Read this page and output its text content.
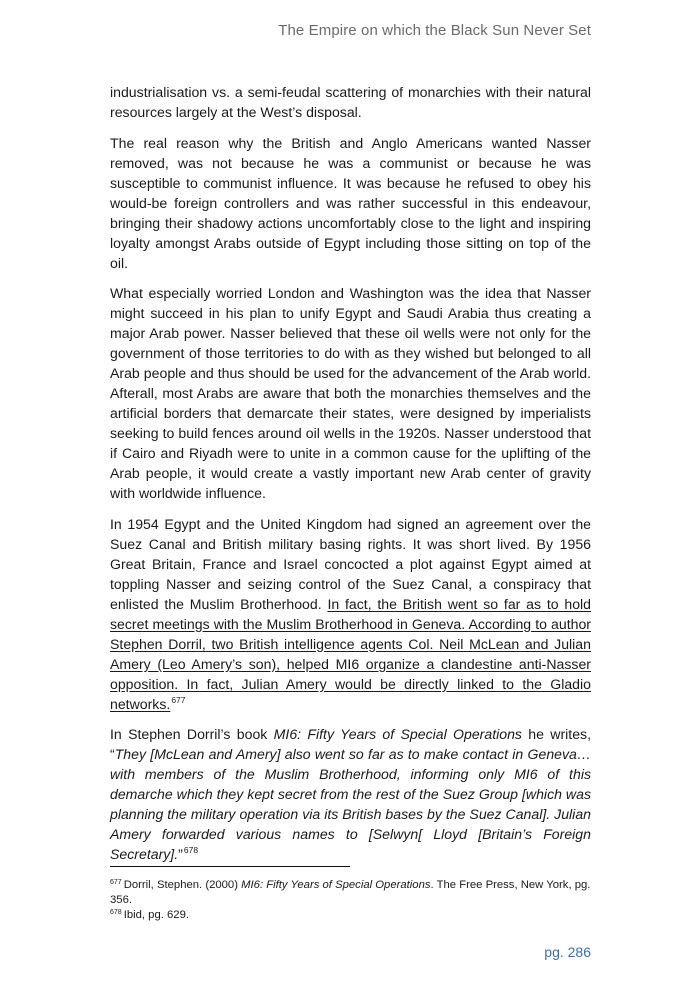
The Empire on which the Black Sun Never Set

industrialisation vs. a semi-feudal scattering of monarchies with their natural resources largely at the West’s disposal.

The real reason why the British and Anglo Americans wanted Nasser removed, was not because he was a communist or because he was susceptible to communist influence. It was because he refused to obey his would-be foreign controllers and was rather successful in this endeavour, bringing their shadowy actions uncomfortably close to the light and inspiring loyalty amongst Arabs outside of Egypt including those sitting on top of the oil.

What especially worried London and Washington was the idea that Nasser might succeed in his plan to unify Egypt and Saudi Arabia thus creating a major Arab power. Nasser believed that these oil wells were not only for the government of those territories to do with as they wished but belonged to all Arab people and thus should be used for the advancement of the Arab world. Afterall, most Arabs are aware that both the monarchies themselves and the artificial borders that demarcate their states, were designed by imperialists seeking to build fences around oil wells in the 1920s. Nasser understood that if Cairo and Riyadh were to unite in a common cause for the uplifting of the Arab people, it would create a vastly important new Arab center of gravity with worldwide influence.

In 1954 Egypt and the United Kingdom had signed an agreement over the Suez Canal and British military basing rights. It was short lived. By 1956 Great Britain, France and Israel concocted a plot against Egypt aimed at toppling Nasser and seizing control of the Suez Canal, a conspiracy that enlisted the Muslim Brotherhood. In fact, the British went so far as to hold secret meetings with the Muslim Brotherhood in Geneva. According to author Stephen Dorril, two British intelligence agents Col. Neil McLean and Julian Amery (Leo Amery’s son), helped MI6 organize a clandestine anti-Nasser opposition. In fact, Julian Amery would be directly linked to the Gladio networks.$^{677}$

In Stephen Dorril’s book MI6: Fifty Years of Special Operations he writes, “They [McLean and Amery] also went so far as to make contact in Geneva…with members of the Muslim Brotherhood, informing only MI6 of this demarche which they kept secret from the rest of the Suez Group [which was planning the military operation via its British bases by the Suez Canal]. Julian Amery forwarded various names to [Selwyn[ Lloyd [Britain’s Foreign Secretary].”$^{678}$

$^{677}$ Dorril, Stephen. (2000) MI6: Fifty Years of Special Operations. The Free Press, New York, pg. 356.

$^{678}$ Ibid, pg. 629.

pg. 286
